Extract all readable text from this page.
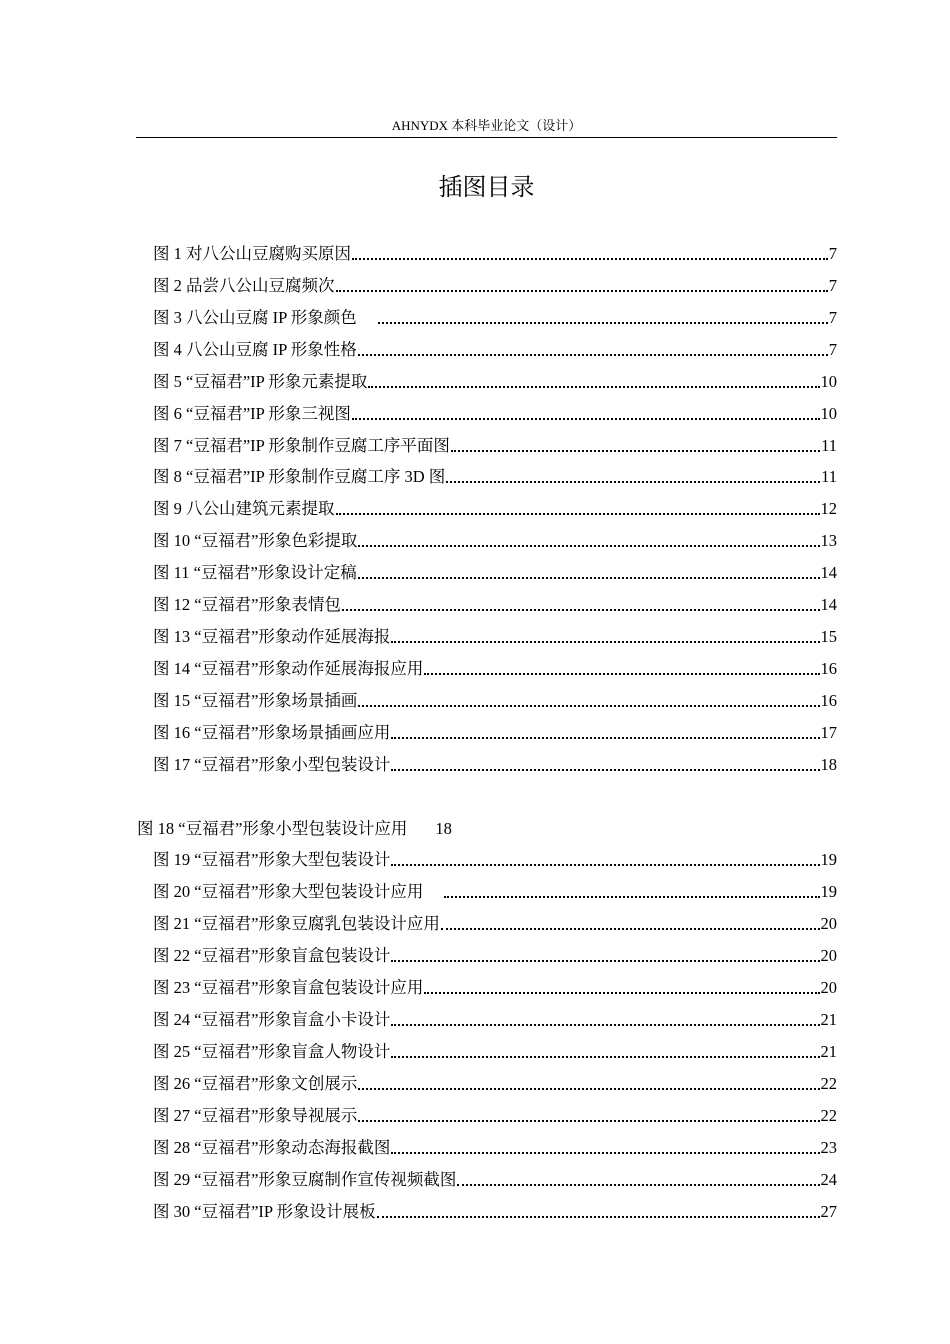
AHNYDX 本科毕业论文（设计）
插图目录
图 1 对八公山豆腐购买原因	7
图 2 品尝八公山豆腐频次	7
图 3 八公山豆腐 IP 形象颜色	7
图 4 八公山豆腐 IP 形象性格	7
图 5 “豆福君”IP 形象元素提取	10
图 6 “豆福君”IP 形象三视图	10
图 7 “豆福君”IP 形象制作豆腐工序平面图	11
图 8 “豆福君”IP 形象制作豆腐工序 3D 图	11
图 9 八公山建筑元素提取	12
图 10 “豆福君”形象色彩提取	13
图 11 “豆福君”形象设计定稿	14
图 12 “豆福君”形象表情包	14
图 13 “豆福君”形象动作延展海报	15
图 14 “豆福君”形象动作延展海报应用	16
图 15 “豆福君”形象场景插画	16
图 16 “豆福君”形象场景插画应用	17
图 17 “豆福君”形象小型包装设计	18
图 18 “豆福君”形象小型包装设计应用 18
图 19 “豆福君”形象大型包装设计	19
图 20 “豆福君”形象大型包装设计应用	19
图 21 “豆福君”形象豆腐乳包装设计应用	20
图 22 “豆福君”形象盲盒包装设计	20
图 23 “豆福君”形象盲盒包装设计应用	20
图 24 “豆福君”形象盲盒小卡设计	21
图 25 “豆福君”形象盲盒人物设计	21
图 26 “豆福君”形象文创展示	22
图 27 “豆福君”形象导视展示	22
图 28 “豆福君”形象动态海报截图	23
图 29 “豆福君”形象豆腐制作宣传视频截图	24
图 30 “豆福君”IP 形象设计展板	27
